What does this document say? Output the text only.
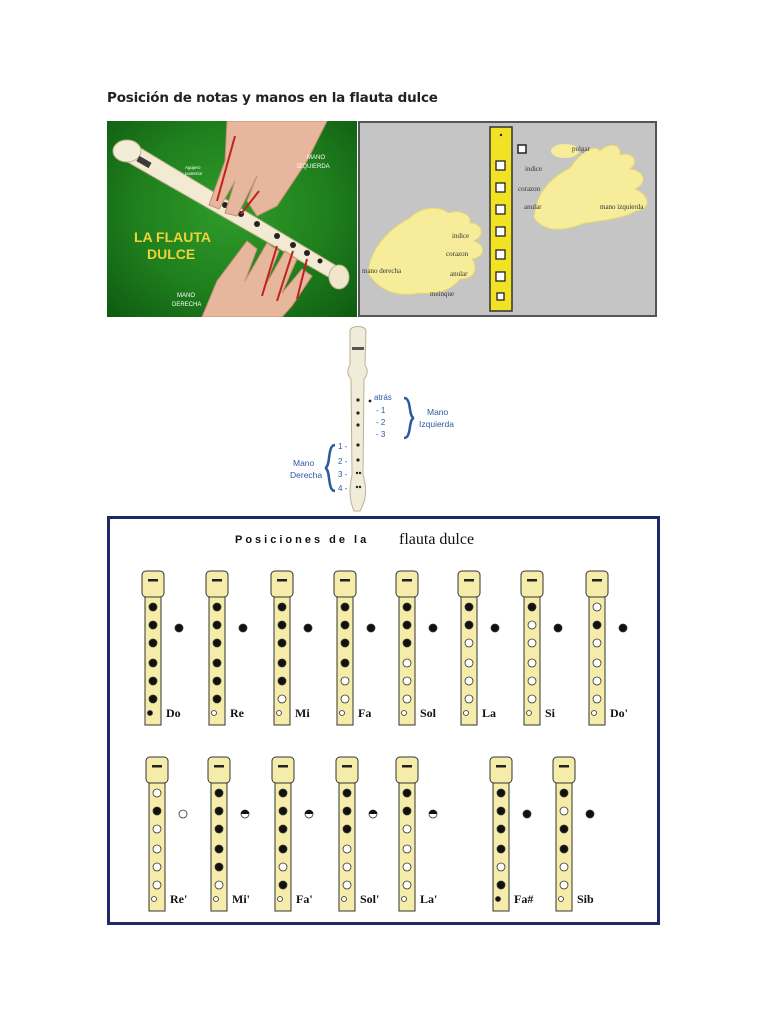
Posición de notas y manos en la flauta dulce
LA FLAUTA
DULCE
MANO
IZQUIERDA
MANO
DERECHA
Agujero
posterior
pulgar
indice
corazon
anular	mano izquierda
indice
corazon
anular
meinque
mano derecha
atrás
- 1
- 2
- 3
Mano
Izquierda
1 -
2 -
3 -
4 -
Mano
Derecha
Posiciones de la flauta dulce
Do	Re	Mi	Fa	Sol	La	Si	Do'
Re'	Mi'	Fa'	Sol'	La'	Fa#	Sib
